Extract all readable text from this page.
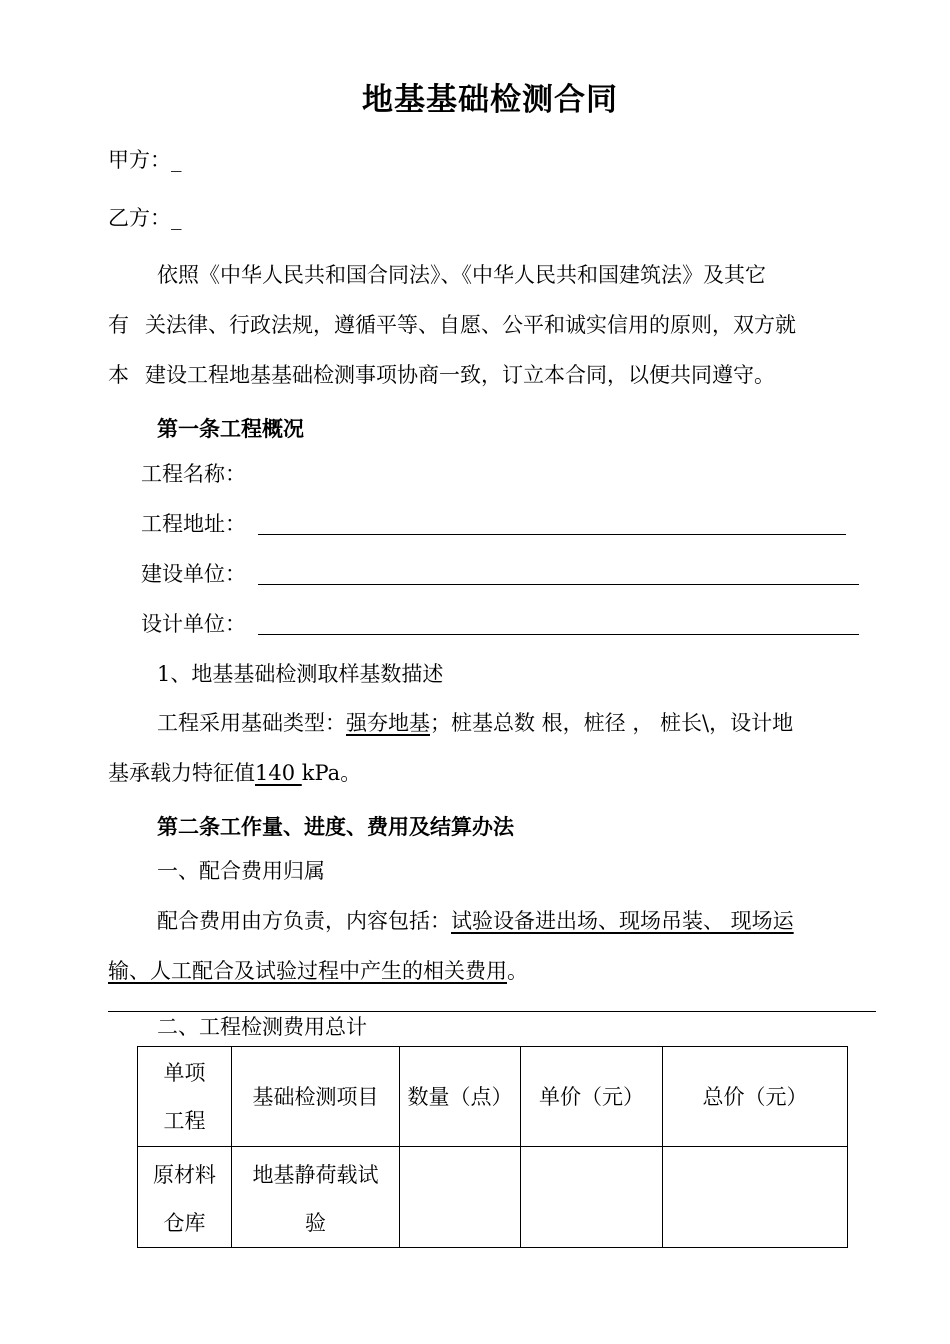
地基基础检测合同
甲方：_
乙方：_
依照《中华人民共和国合同法》、《中华人民共和国建筑法》及其它
有 关法律、行政法规，遵循平等、自愿、公平和诚实信用的原则，双方就
本 建设工程地基基础检测事项协商一致，订立本合同，以便共同遵守。
第一条工程概况
工程名称：
工程地址：
建设单位：
设计单位：
1、地基基础检测取样基数描述
工程采用基础类型：强夯地基；桩基总数 根，桩径 ， 桩长\，设计地
基承载力特征值140 kPa。
第二条工作量、进度、费用及结算办法
一、配合费用归属
配合费用由方负责，内容包括：试验设备进出场、现场吊装、 现场运
输、人工配合及试验过程中产生的相关费用。
二、工程检测费用总计
单项
工程	基础检测项目	数量（点）	单价（元）	总价（元）
原材料
仓库	地基静荷载试
验			
